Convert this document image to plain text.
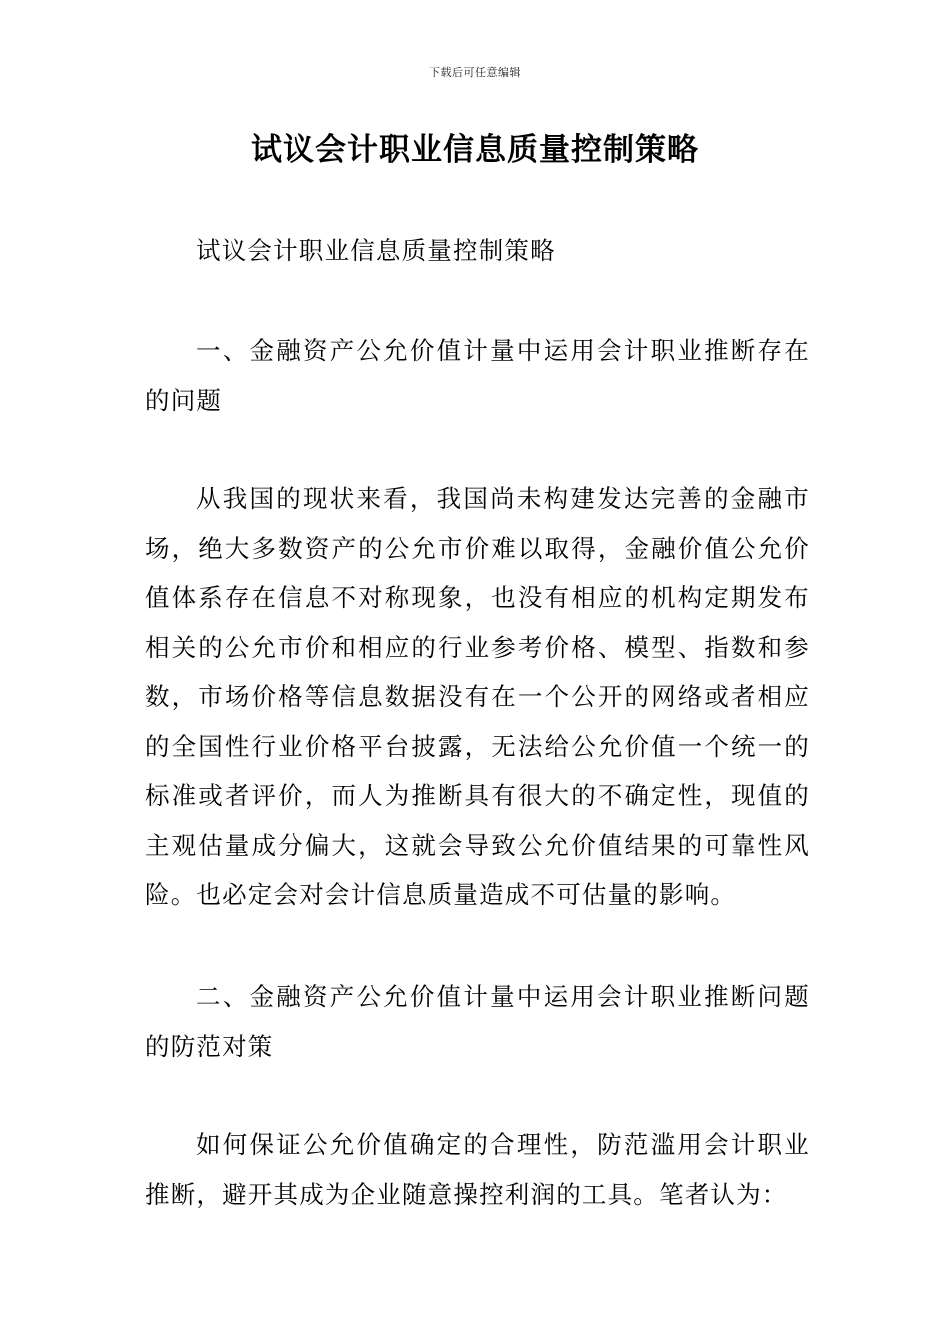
下载后可任意编辑
试议会计职业信息质量控制策略

试议会计职业信息质量控制策略

一、金融资产公允价值计量中运用会计职业推断存在的问题

从我国的现状来看，我国尚未构建发达完善的金融市场，绝大多数资产的公允市价难以取得，金融价值公允价值体系存在信息不对称现象，也没有相应的机构定期发布相关的公允市价和相应的行业参考价格、模型、指数和参数，市场价格等信息数据没有在一个公开的网络或者相应的全国性行业价格平台披露，无法给公允价值一个统一的标准或者评价，而人为推断具有很大的不确定性，现值的主观估量成分偏大，这就会导致公允价值结果的可靠性风险。也必定会对会计信息质量造成不可估量的影响。

二、金融资产公允价值计量中运用会计职业推断问题的防范对策

如何保证公允价值确定的合理性，防范滥用会计职业推断，避开其成为企业随意操控利润的工具。笔者认为：
